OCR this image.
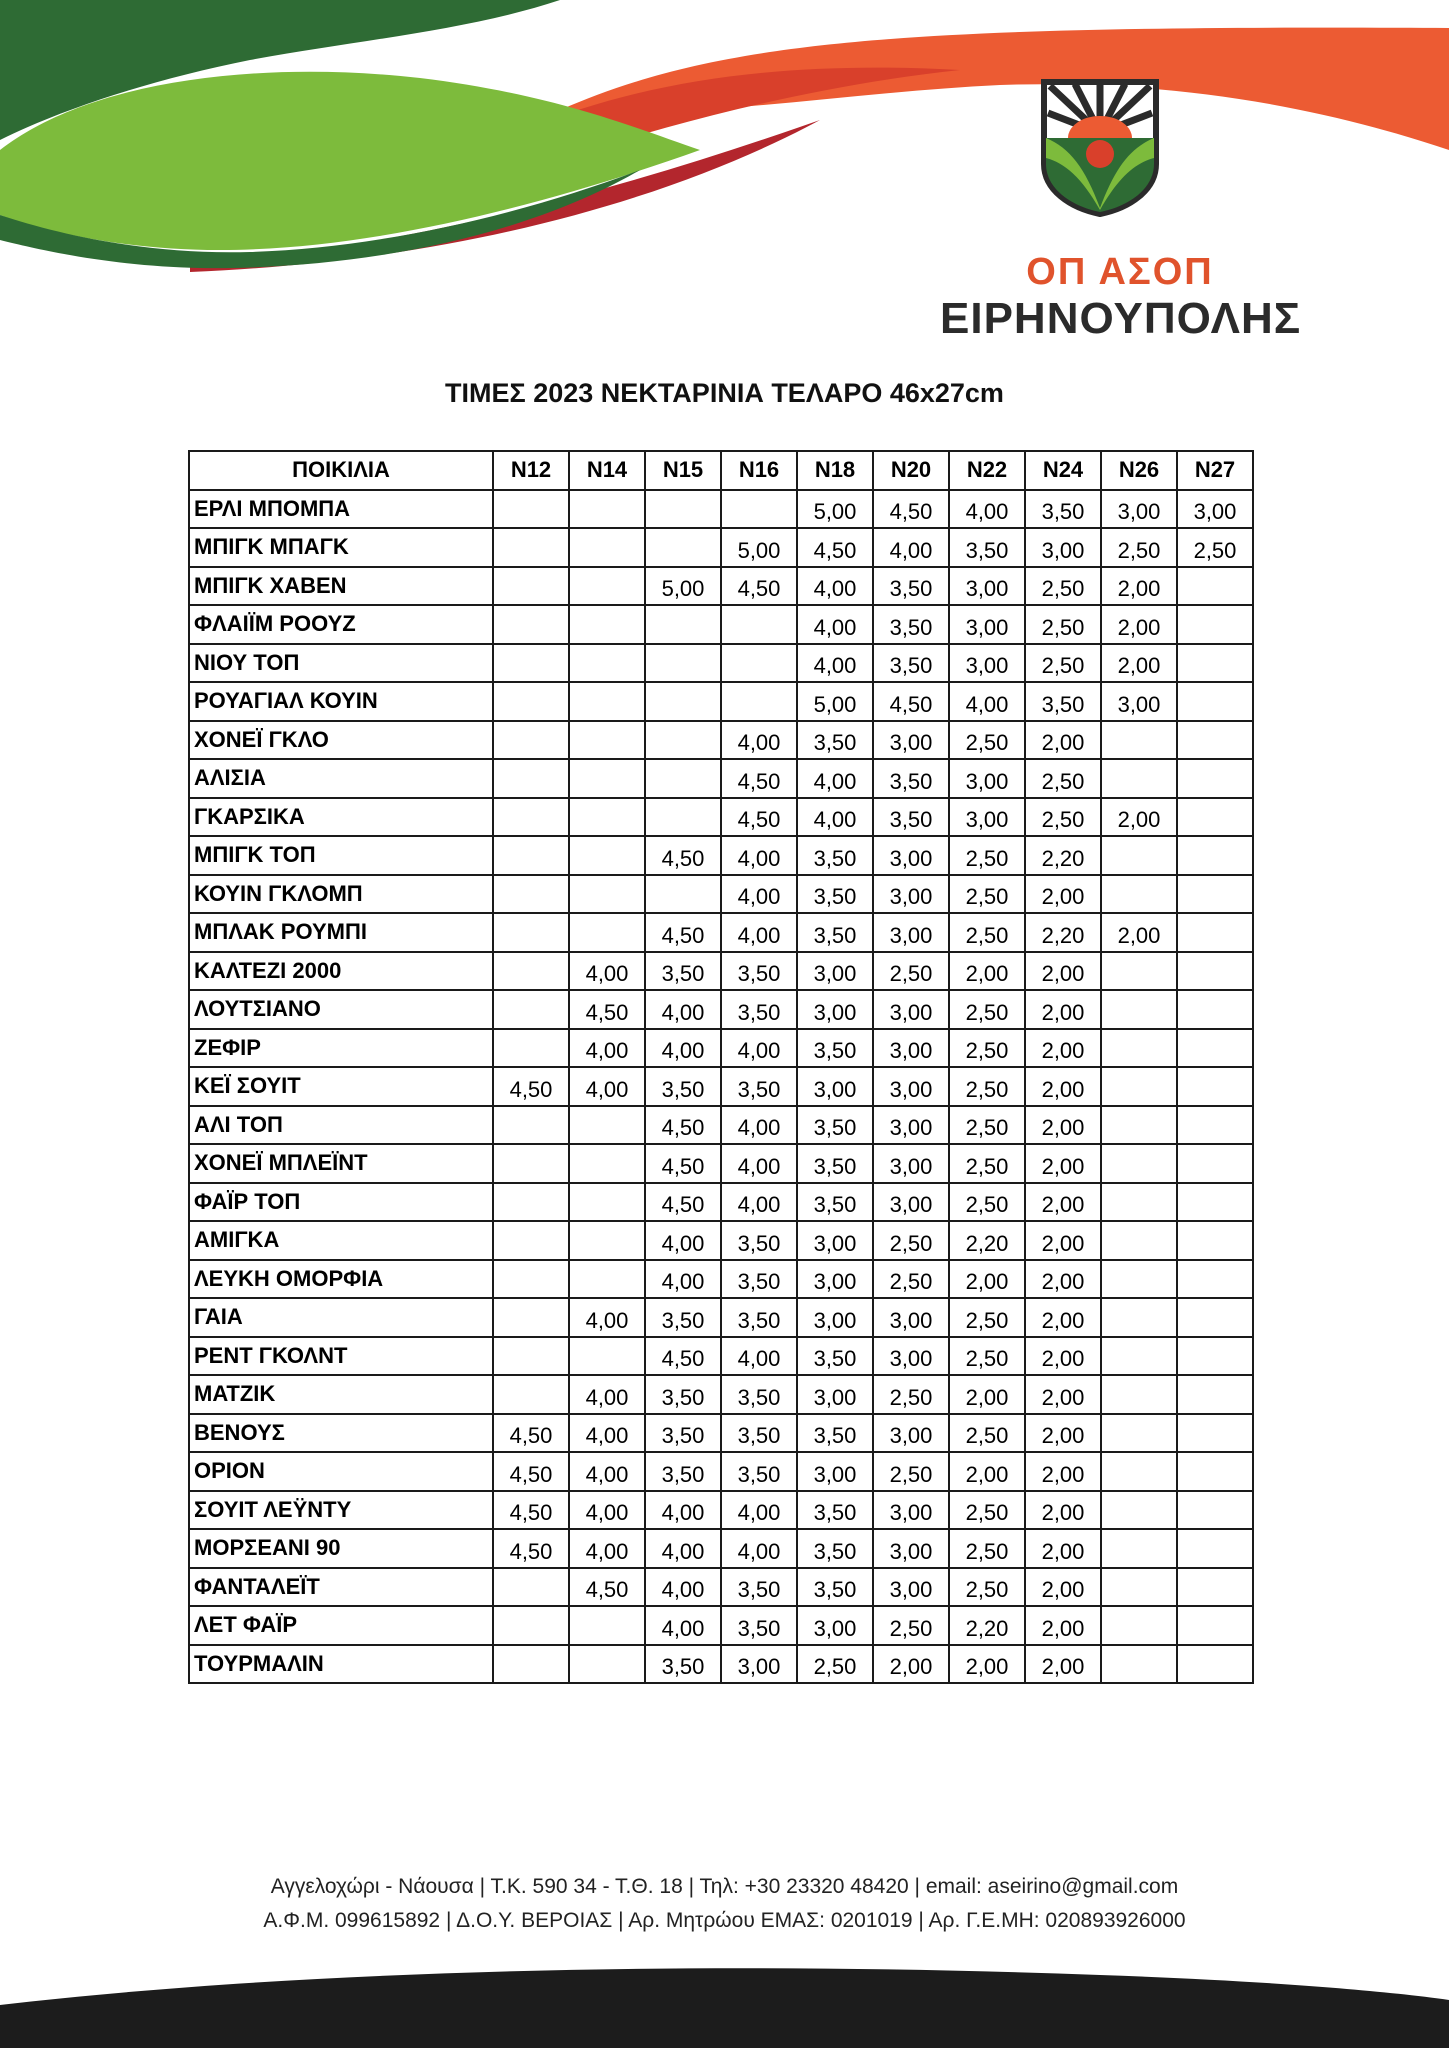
ΟΠ ΑΣΟΠ
ΕΙΡΗΝΟΥΠΟΛΗΣ
ΤΙΜΕΣ 2023 ΝΕΚΤΑΡΙΝΙΑ ΤΕΛΑΡΟ 46x27cm
ΠΟΙΚΙΛΙΑ	N12	N14	N15	N16	N18	N20	N22	N24	N26	N27
ΕΡΛΙ ΜΠΟΜΠΑ					5,00	4,50	4,00	3,50	3,00	3,00
ΜΠΙΓΚ ΜΠΑΓΚ				5,00	4,50	4,00	3,50	3,00	2,50	2,50
ΜΠΙΓΚ ΧΑΒΕΝ			5,00	4,50	4,00	3,50	3,00	2,50	2,00	
ΦΛΑΙΪΜ ΡΟΟΥΖ					4,00	3,50	3,00	2,50	2,00	
ΝΙΟΥ ΤΟΠ					4,00	3,50	3,00	2,50	2,00	
ΡΟΥΑΓΙΑΛ ΚΟΥΙΝ					5,00	4,50	4,00	3,50	3,00	
ΧΟΝΕΪ ΓΚΛΟ				4,00	3,50	3,00	2,50	2,00		
ΑΛΙΣΙΑ				4,50	4,00	3,50	3,00	2,50		
ΓΚΑΡΣΙΚΑ				4,50	4,00	3,50	3,00	2,50	2,00	
ΜΠΙΓΚ ΤΟΠ			4,50	4,00	3,50	3,00	2,50	2,20		
ΚΟΥΙΝ ΓΚΛΟΜΠ				4,00	3,50	3,00	2,50	2,00		
ΜΠΛΑΚ ΡΟΥΜΠΙ			4,50	4,00	3,50	3,00	2,50	2,20	2,00	
ΚΑΛΤΕΖΙ 2000		4,00	3,50	3,50	3,00	2,50	2,00	2,00		
ΛΟΥΤΣΙΑΝΟ		4,50	4,00	3,50	3,00	3,00	2,50	2,00		
ΖΕΦΙΡ		4,00	4,00	4,00	3,50	3,00	2,50	2,00		
ΚΕΪ ΣΟΥΙΤ	4,50	4,00	3,50	3,50	3,00	3,00	2,50	2,00		
ΑΛΙ ΤΟΠ			4,50	4,00	3,50	3,00	2,50	2,00		
ΧΟΝΕΪ ΜΠΛΕΪΝΤ			4,50	4,00	3,50	3,00	2,50	2,00		
ΦΑΪΡ ΤΟΠ			4,50	4,00	3,50	3,00	2,50	2,00		
ΑΜΙΓΚΑ			4,00	3,50	3,00	2,50	2,20	2,00		
ΛΕΥΚΗ ΟΜΟΡΦΙΑ			4,00	3,50	3,00	2,50	2,00	2,00		
ΓΑΙΑ		4,00	3,50	3,50	3,00	3,00	2,50	2,00		
ΡΕΝΤ ΓΚΟΛΝΤ			4,50	4,00	3,50	3,00	2,50	2,00		
ΜΑΤΖΙΚ		4,00	3,50	3,50	3,00	2,50	2,00	2,00		
ΒΕΝΟΥΣ	4,50	4,00	3,50	3,50	3,50	3,00	2,50	2,00		
ΟΡΙΟΝ	4,50	4,00	3,50	3,50	3,00	2,50	2,00	2,00		
ΣΟΥΙΤ ΛΕΫΝΤΥ	4,50	4,00	4,00	4,00	3,50	3,00	2,50	2,00		
ΜΟΡΣΕΑΝΙ 90	4,50	4,00	4,00	4,00	3,50	3,00	2,50	2,00		
ΦΑΝΤΑΛΕΪΤ		4,50	4,00	3,50	3,50	3,00	2,50	2,00		
ΛΕΤ ΦΑΪΡ			4,00	3,50	3,00	2,50	2,20	2,00		
ΤΟΥΡΜΑΛΙΝ			3,50	3,00	2,50	2,00	2,00	2,00		
Αγγελοχώρι - Νάουσα | Τ.Κ. 590 34 - Τ.Θ. 18 | Τηλ: +30 23320 48420 | email: aseirino@gmail.com
Α.Φ.Μ. 099615892 | Δ.Ο.Υ. ΒΕΡΟΙΑΣ | Αρ. Μητρώου ΕΜΑΣ: 0201019 | Αρ. Γ.Ε.ΜΗ: 020893926000
